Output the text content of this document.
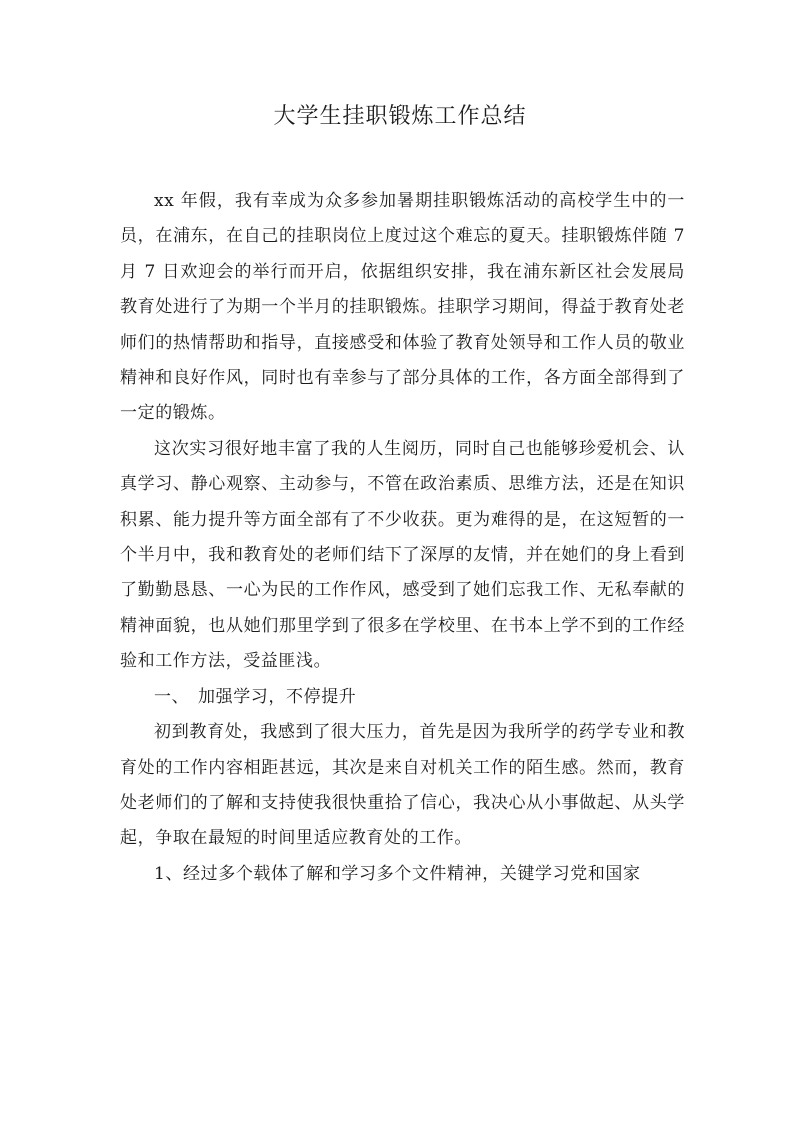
大学生挂职锻炼工作总结

xx 年假，我有幸成为众多参加暑期挂职锻炼活动的高校学生中的一员，在浦东，在自己的挂职岗位上度过这个难忘的夏天。挂职锻炼伴随 7 月 7 日欢迎会的举行而开启，依据组织安排，我在浦东新区社会发展局教育处进行了为期一个半月的挂职锻炼。挂职学习期间，得益于教育处老师们的热情帮助和指导，直接感受和体验了教育处领导和工作人员的敬业精神和良好作风，同时也有幸参与了部分具体的工作，各方面全部得到了一定的锻炼。

这次实习很好地丰富了我的人生阅历，同时自己也能够珍爱机会、认真学习、静心观察、主动参与，不管在政治素质、思维方法，还是在知识积累、能力提升等方面全部有了不少收获。更为难得的是，在这短暂的一个半月中，我和教育处的老师们结下了深厚的友情，并在她们的身上看到了勤勤恳恳、一心为民的工作作风，感受到了她们忘我工作、无私奉献的精神面貌，也从她们那里学到了很多在学校里、在书本上学不到的工作经验和工作方法，受益匪浅。

一、 加强学习，不停提升

初到教育处，我感到了很大压力，首先是因为我所学的药学专业和教育处的工作内容相距甚远，其次是来自对机关工作的陌生感。然而，教育处老师们的了解和支持使我很快重拾了信心，我决心从小事做起、从头学起，争取在最短的时间里适应教育处的工作。

1、经过多个载体了解和学习多个文件精神，关键学习党和国家
